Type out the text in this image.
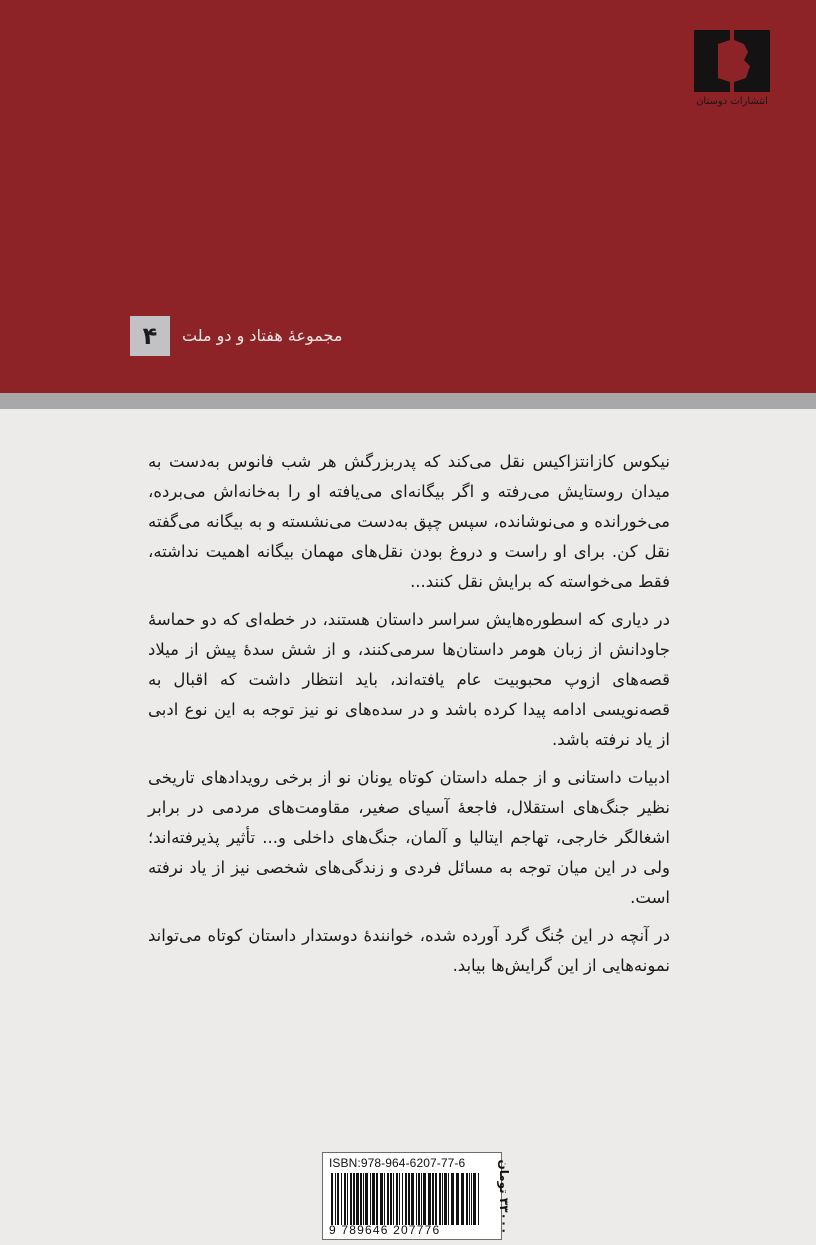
انتشارات دوستان
۴	مجموعۀ هفتاد و دو ملت

نیکوس کازانتزاکیس نقل می‌کند که پدربزرگش هر شب فانوس به‌دست به میدان روستایش می‌رفته و اگر بیگانه‌ای می‌یافته او را به‌خانه‌اش می‌برده، می‌خورانده و می‌نوشانده، سپس چپق به‌دست می‌نشسته و به بیگانه می‌گفته نقل کن. برای او راست و دروغ بودن نقل‌های مهمان بیگانه اهمیت نداشته، فقط می‌خواسته که برایش نقل کنند...

در دیاری که اسطوره‌هایش سراسر داستان هستند، در خطه‌ای که دو حماسۀ جاودانش از زبان هومر داستان‌ها سرمی‌کنند، و از شش سدۀ پیش از میلاد قصه‌های ازوپ محبوبیت عام یافته‌اند، باید انتظار داشت که اقبال به قصه‌نویسی ادامه پیدا کرده باشد و در سده‌های نو نیز توجه به این نوع ادبی از یاد نرفته باشد.

ادبیات داستانی و از جمله داستان کوتاه یونان نو از برخی رویدادهای تاریخی نظیر جنگ‌های استقلال، فاجعۀ آسیای صغیر، مقاومت‌های مردمی در برابر اشغالگر خارجی، تهاجم ایتالیا و آلمان، جنگ‌های داخلی و... تأثیر پذیرفته‌اند؛ ولی در این میان توجه به مسائل فردی و زندگی‌های شخصی نیز از یاد نرفته است.

در آنچه در این جُنگ گرد آورده شده، خوانندۀ دوستدار داستان کوتاه می‌تواند نمونه‌هایی از این گرایش‌ها بیابد.

ISBN:978-964-6207-77-6
9 789646 207776
۳۳۰۰۰ تومان
